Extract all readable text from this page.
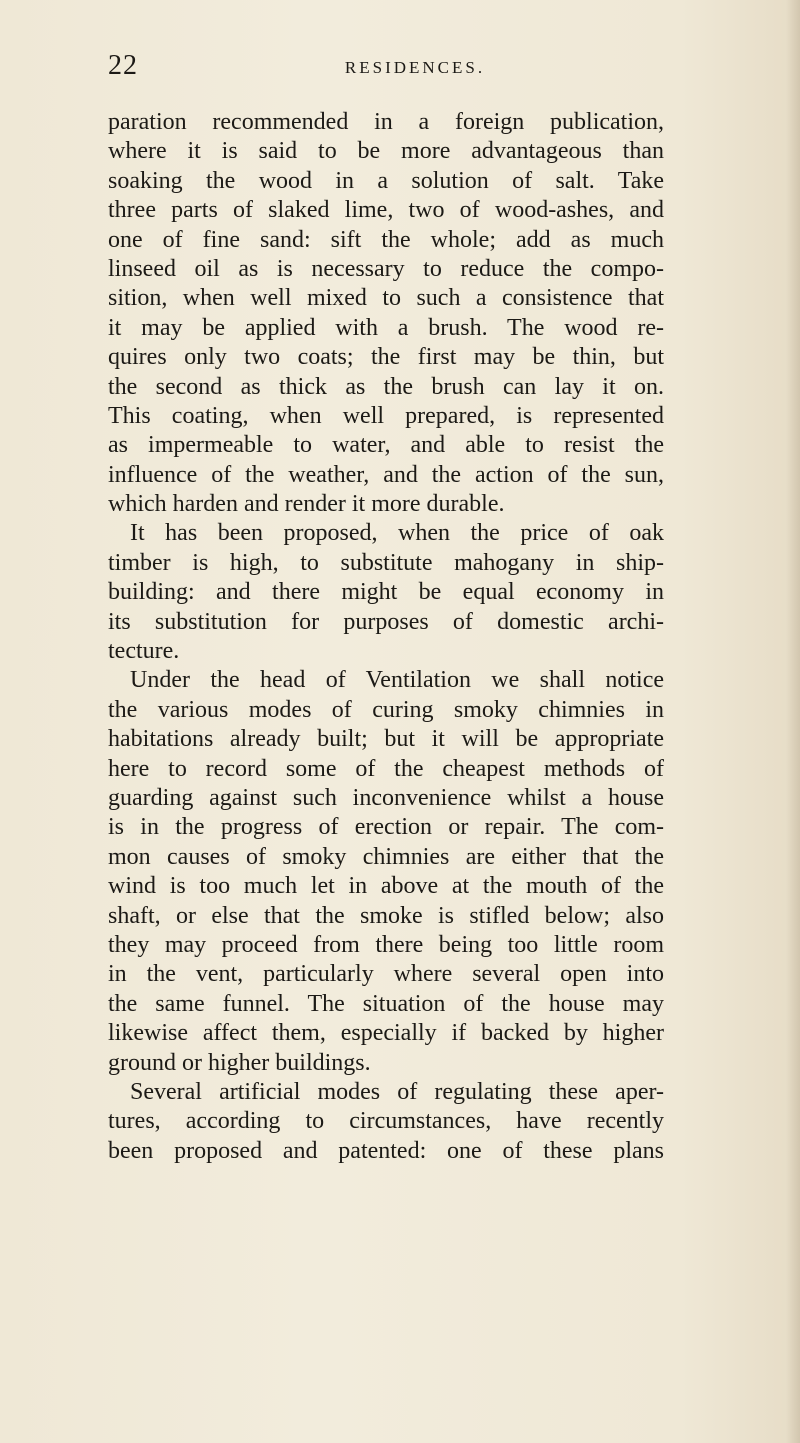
22	RESIDENCES.
paration recommended in a foreign publication,
where it is said to be more advantageous than
soaking the wood in a solution of salt. Take
three parts of slaked lime, two of wood-ashes, and
one of fine sand: sift the whole; add as much
linseed oil as is necessary to reduce the compo-
sition, when well mixed to such a consistence that
it may be applied with a brush. The wood re-
quires only two coats; the first may be thin, but
the second as thick as the brush can lay it on.
This coating, when well prepared, is represented
as impermeable to water, and able to resist the
influence of the weather, and the action of the sun,
which harden and render it more durable.
It has been proposed, when the price of oak
timber is high, to substitute mahogany in ship-
building: and there might be equal economy in
its substitution for purposes of domestic archi-
tecture.
Under the head of Ventilation we shall notice
the various modes of curing smoky chimnies in
habitations already built; but it will be appropriate
here to record some of the cheapest methods of
guarding against such inconvenience whilst a house
is in the progress of erection or repair. The com-
mon causes of smoky chimnies are either that the
wind is too much let in above at the mouth of the
shaft, or else that the smoke is stifled below; also
they may proceed from there being too little room
in the vent, particularly where several open into
the same funnel. The situation of the house may
likewise affect them, especially if backed by higher
ground or higher buildings.
Several artificial modes of regulating these aper-
tures, according to circumstances, have recently
been proposed and patented: one of these plans
